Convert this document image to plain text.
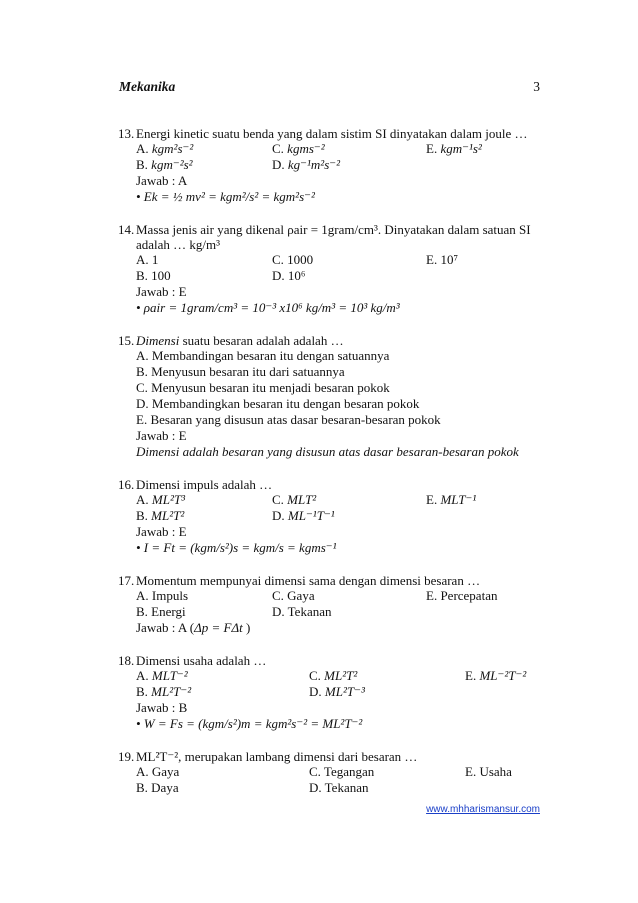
Mekanika	3
13. Energi kinetic suatu benda yang dalam sistim SI dinyatakan dalam joule …
A. kgm²s⁻²	C. kgms⁻²	E. kgm⁻¹s²
B. kgm⁻²s²	D. kg⁻¹m²s⁻²
Jawab : A
• Ek = ½ mv² = kgm²/s² = kgm²s⁻²
14. Massa jenis air yang dikenal ρair = 1gram/cm³. Dinyatakan dalam satuan SI adalah … kg/m³
A. 1	C. 1000	E. 10⁷
B. 100	D. 10⁶
Jawab : E
• ρair = 1gram/cm³ = 10⁻³ x10⁶ kg/m³ = 10³ kg/m³
15. Dimensi suatu besaran adalah adalah …
A. Membandingan besaran itu dengan satuannya
B. Menyusun besaran itu dari satuannya
C. Menyusun besaran itu menjadi besaran pokok
D. Membandingkan besaran itu dengan besaran pokok
E. Besaran yang disusun atas dasar besaran-besaran pokok
Jawab : E
Dimensi adalah besaran yang disusun atas dasar besaran-besaran pokok
16. Dimensi impuls adalah …
A. ML²T³	C. MLT²	E. MLT⁻¹
B. ML²T²	D. ML⁻¹T⁻¹
Jawab : E
• I = Ft = (kgm/s²)s = kgm/s = kgms⁻¹
17. Momentum mempunyai dimensi sama dengan dimensi besaran …
A. Impuls	C. Gaya	E. Percepatan
B. Energi	D. Tekanan
Jawab : A (Δp = FΔt )
18. Dimensi usaha adalah …
A. MLT⁻²	C. ML²T²	E. ML⁻²T⁻²
B. ML²T⁻²	D. ML²T⁻³
Jawab : B
• W = Fs = (kgm/s²)m = kgm²s⁻² = ML²T⁻²
19. ML²T⁻², merupakan lambang dimensi dari besaran …
A. Gaya	C. Tegangan	E. Usaha
B. Daya	D. Tekanan
www.mhharismansur.com
